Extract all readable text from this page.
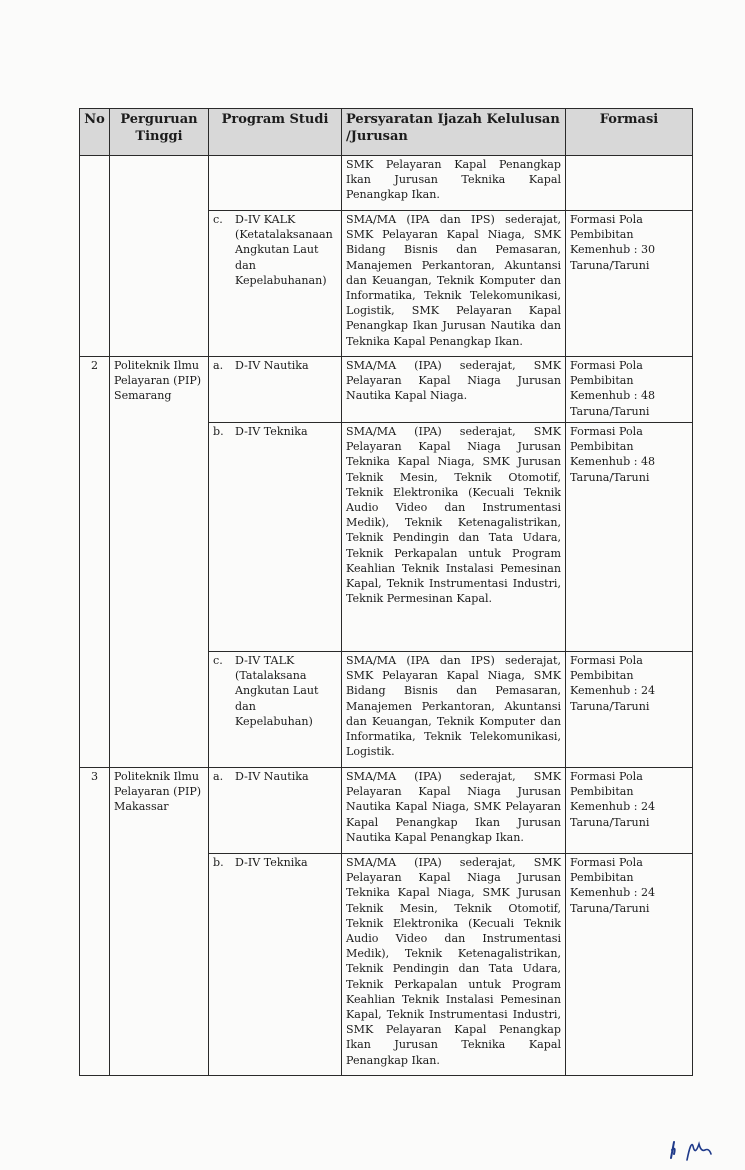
No	Perguruan Tinggi	Program Studi	Persyaratan Ijazah Kelulusan /Jurusan	Formasi
			SMK Pelayaran Kapal Penangkap Ikan Jurusan Teknika Kapal Penangkap Ikan.	

		c. D-IV KALK (Ketatalaksanaan Angkutan Laut dan Kepelabuhanan)	SMA/MA (IPA dan IPS) sederajat, SMK Pelayaran Kapal Niaga, SMK Bidang Bisnis dan Pemasaran, Manajemen Perkantoran, Akuntansi dan Keuangan, Teknik Komputer dan Informatika, Teknik Telekomunikasi, Logistik, SMK Pelayaran Kapal Penangkap Ikan Jurusan Nautika dan Teknika Kapal Penangkap Ikan.	Formasi Pola Pembibitan Kemenhub : 30 Taruna/Taruni
2	Politeknik Ilmu Pelayaran (PIP) Semarang	a. D-IV Nautika	SMA/MA (IPA) sederajat, SMK Pelayaran Kapal Niaga Jurusan Nautika Kapal Niaga.	Formasi Pola Pembibitan Kemenhub : 48 Taruna/Taruni

		b. D-IV Teknika	SMA/MA (IPA) sederajat, SMK Pelayaran Kapal Niaga Jurusan Teknika Kapal Niaga, SMK Jurusan Teknik Mesin, Teknik Otomotif, Teknik Elektronika (Kecuali Teknik Audio Video dan Instrumentasi Medik), Teknik Ketenagalistrikan, Teknik Pendingin dan Tata Udara, Teknik Perkapalan untuk Program Keahlian Teknik Instalasi Pemesinan Kapal, Teknik Instrumentasi Industri, Teknik Permesinan Kapal.	Formasi Pola Pembibitan Kemenhub : 48 Taruna/Taruni

		c. D-IV TALK (Tatalaksana Angkutan Laut dan Kepelabuhan)	SMA/MA (IPA dan IPS) sederajat, SMK Pelayaran Kapal Niaga, SMK Bidang Bisnis dan Pemasaran, Manajemen Perkantoran, Akuntansi dan Keuangan, Teknik Komputer dan Informatika, Teknik Telekomunikasi, Logistik.	Formasi Pola Pembibitan Kemenhub : 24 Taruna/Taruni
3	Politeknik Ilmu Pelayaran (PIP) Makassar	a. D-IV Nautika	SMA/MA (IPA) sederajat, SMK Pelayaran Kapal Niaga Jurusan Nautika Kapal Niaga, SMK Pelayaran Kapal Penangkap Ikan Jurusan Nautika Kapal Penangkap Ikan.	Formasi Pola Pembibitan Kemenhub : 24 Taruna/Taruni

		b. D-IV Teknika	SMA/MA (IPA) sederajat, SMK Pelayaran Kapal Niaga Jurusan Teknika Kapal Niaga, SMK Jurusan Teknik Mesin, Teknik Otomotif, Teknik Elektronika (Kecuali Teknik Audio Video dan Instrumentasi Medik), Teknik Ketenagalistrikan, Teknik Pendingin dan Tata Udara, Teknik Perkapalan untuk Program Keahlian Teknik Instalasi Pemesinan Kapal, Teknik Instrumentasi Industri, SMK Pelayaran Kapal Penangkap Ikan Jurusan Teknika Kapal Penangkap Ikan.	Formasi Pola Pembibitan Kemenhub : 24 Taruna/Taruni
